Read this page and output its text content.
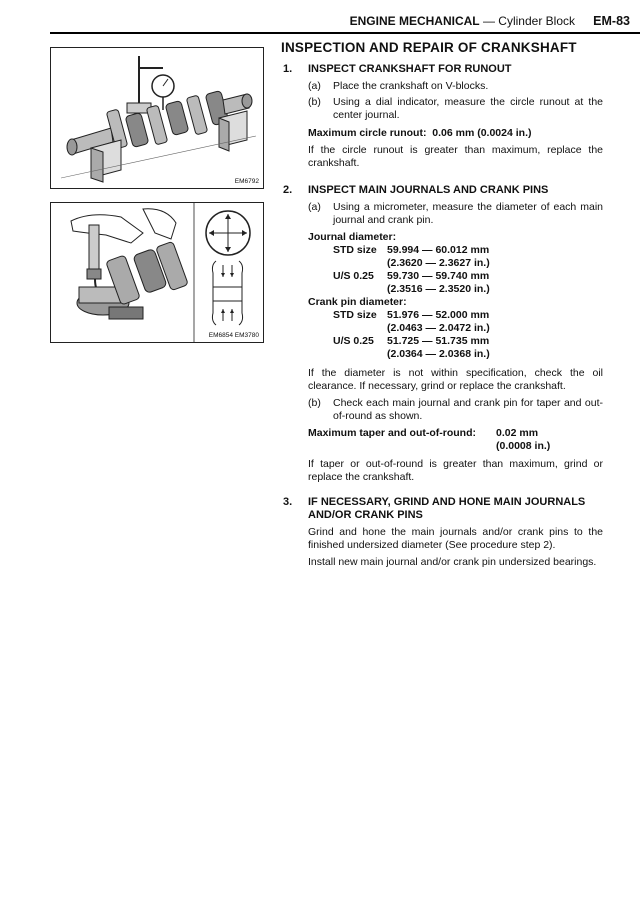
ENGINE MECHANICAL — Cylinder Block EM-83
EM6792
EM6854 EM3780
INSPECTION AND REPAIR OF CRANKSHAFT
1. INSPECT CRANKSHAFT FOR RUNOUT
(a) Place the crankshaft on V-blocks.
(b) Using a dial indicator, measure the circle runout at the center journal.
Maximum circle runout:  0.06 mm (0.0024 in.)
If the circle runout is greater than maximum, replace the crankshaft.
2. INSPECT MAIN JOURNALS AND CRANK PINS
(a) Using a micrometer, measure the diameter of each main journal and crank pin.
Journal diameter:
STD size 59.994 — 60.012 mm
(2.3620 — 2.3627 in.)
U/S 0.25 59.730 — 59.740 mm
(2.3516 — 2.3520 in.)
Crank pin diameter:
STD size 51.976 — 52.000 mm
(2.0463 — 2.0472 in.)
U/S 0.25 51.725 — 51.735 mm
(2.0364 — 2.0368 in.)
If the diameter is not within specification, check the oil clearance. If necessary, grind or replace the crankshaft.
(b) Check each main journal and crank pin for taper and out-of-round as shown.
Maximum taper and out-of-round: 0.02 mm
(0.0008 in.)
If taper or out-of-round is greater than maximum, grind or replace the crankshaft.
3. IF NECESSARY, GRIND AND HONE MAIN JOURNALS AND/OR CRANK PINS
Grind and hone the main journals and/or crank pins to the finished undersized diameter (See procedure step 2).
Install new main journal and/or crank pin undersized bearings.
